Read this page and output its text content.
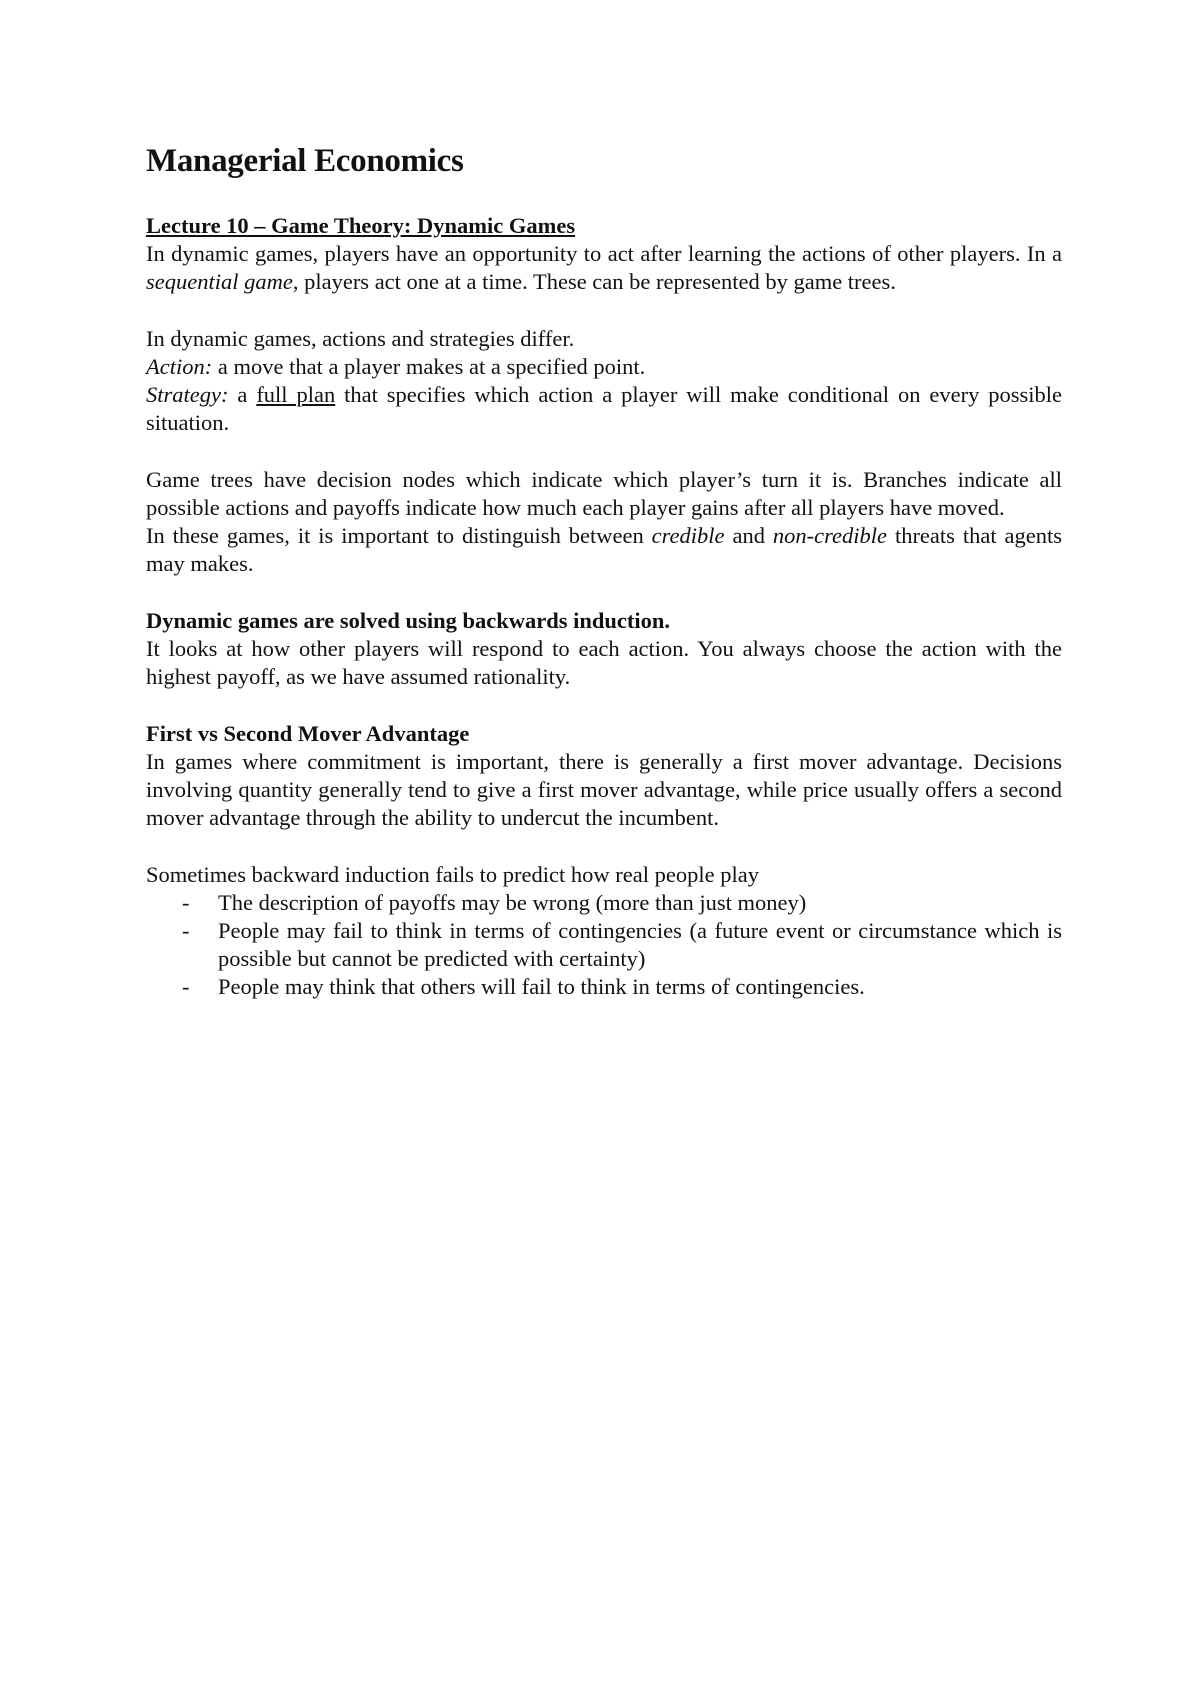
Managerial Economics

Lecture 10 – Game Theory: Dynamic Games

In dynamic games, players have an opportunity to act after learning the actions of other players. In a sequential game, players act one at a time. These can be represented by game trees.

In dynamic games, actions and strategies differ.

Action: a move that a player makes at a specified point.

Strategy: a full plan that specifies which action a player will make conditional on every possible situation.

Game trees have decision nodes which indicate which player’s turn it is. Branches indicate all possible actions and payoffs indicate how much each player gains after all players have moved.

In these games, it is important to distinguish between credible and non-credible threats that agents may makes.

Dynamic games are solved using backwards induction.

It looks at how other players will respond to each action. You always choose the action with the highest payoff, as we have assumed rationality.

First vs Second Mover Advantage

In games where commitment is important, there is generally a first mover advantage. Decisions involving quantity generally tend to give a first mover advantage, while price usually offers a second mover advantage through the ability to undercut the incumbent.

Sometimes backward induction fails to predict how real people play

- The description of payoffs may be wrong (more than just money)
- People may fail to think in terms of contingencies (a future event or circumstance which is possible but cannot be predicted with certainty)
- People may think that others will fail to think in terms of contingencies.
